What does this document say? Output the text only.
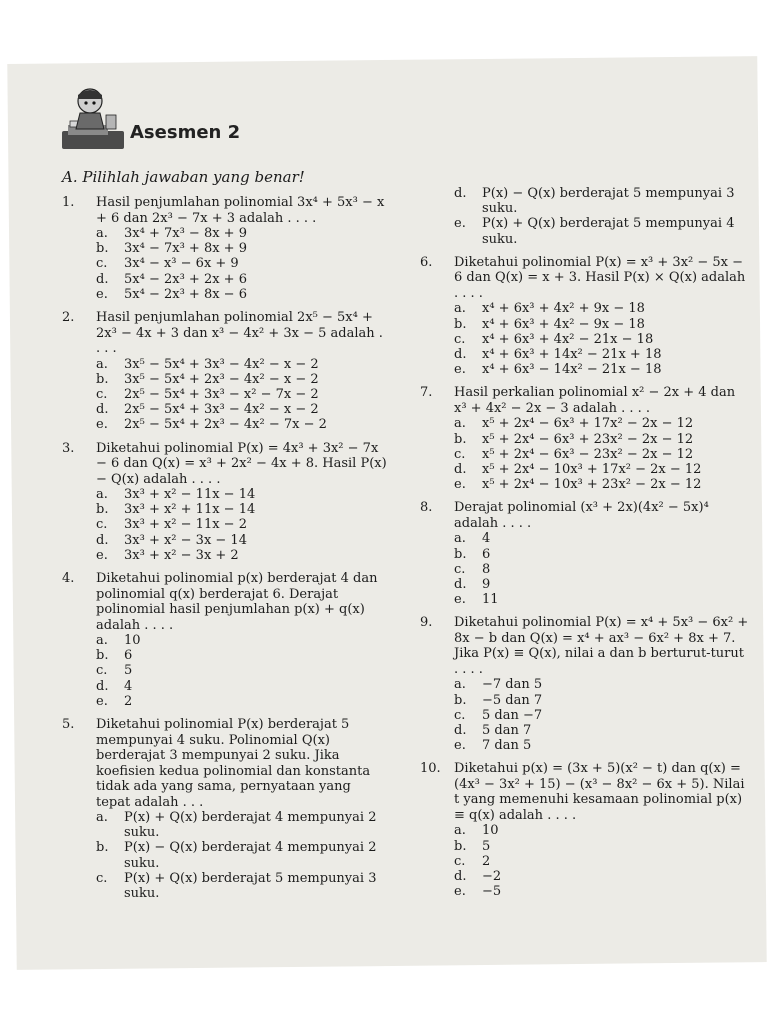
Asesmen 2
A. Pilihlah jawaban yang benar!
1. Hasil penjumlahan polinomial 3x⁴ + 5x³ − x + 6 dan 2x³ − 7x + 3 adalah . . . .
a. 3x⁴ + 7x³ − 8x + 9
b. 3x⁴ − 7x³ + 8x + 9
c. 3x⁴ − x³ − 6x + 9
d. 5x⁴ − 2x³ + 2x + 6
e. 5x⁴ − 2x³ + 8x − 6
2. Hasil penjumlahan polinomial 2x⁵ − 5x⁴ + 2x³ − 4x + 3 dan x³ − 4x² + 3x − 5 adalah . . . .
a. 3x⁵ − 5x⁴ + 3x³ − 4x² − x − 2
b. 3x⁵ − 5x⁴ + 2x³ − 4x² − x − 2
c. 2x⁵ − 5x⁴ + 3x³ − x² − 7x − 2
d. 2x⁵ − 5x⁴ + 3x³ − 4x² − x − 2
e. 2x⁵ − 5x⁴ + 2x³ − 4x² − 7x − 2
3. Diketahui polinomial P(x) = 4x³ + 3x² − 7x − 6 dan Q(x) = x³ + 2x² − 4x + 8. Hasil P(x) − Q(x) adalah . . . .
a. 3x³ + x² − 11x − 14
b. 3x³ + x² + 11x − 14
c. 3x³ + x² − 11x − 2
d. 3x³ + x² − 3x − 14
e. 3x³ + x² − 3x + 2
4. Diketahui polinomial p(x) berderajat 4 dan polinomial q(x) berderajat 6. Derajat polinomial hasil penjumlahan p(x) + q(x) adalah . . . .
a. 10
b. 6
c. 5
d. 4
e. 2
5. Diketahui polinomial P(x) berderajat 5 mempunyai 4 suku. Polinomial Q(x) berderajat 3 mempunyai 2 suku. Jika koefisien kedua polinomial dan konstanta tidak ada yang sama, pernyataan yang tepat adalah . . .
a. P(x) + Q(x) berderajat 4 mempunyai 2 suku.
b. P(x) − Q(x) berderajat 4 mempunyai 2 suku.
c. P(x) + Q(x) berderajat 5 mempunyai 3 suku.
d. P(x) − Q(x) berderajat 5 mempunyai 3 suku.
e. P(x) + Q(x) berderajat 5 mempunyai 4 suku.
6. Diketahui polinomial P(x) = x³ + 3x² − 5x − 6 dan Q(x) = x + 3. Hasil P(x) × Q(x) adalah . . . .
a. x⁴ + 6x³ + 4x² + 9x − 18
b. x⁴ + 6x³ + 4x² − 9x − 18
c. x⁴ + 6x³ + 4x² − 21x − 18
d. x⁴ + 6x³ + 14x² − 21x + 18
e. x⁴ + 6x³ − 14x² − 21x − 18
7. Hasil perkalian polinomial x² − 2x + 4 dan x³ + 4x² − 2x − 3 adalah . . . .
a. x⁵ + 2x⁴ − 6x³ + 17x² − 2x − 12
b. x⁵ + 2x⁴ − 6x³ + 23x² − 2x − 12
c. x⁵ + 2x⁴ − 6x³ − 23x² − 2x − 12
d. x⁵ + 2x⁴ − 10x³ + 17x² − 2x − 12
e. x⁵ + 2x⁴ − 10x³ + 23x² − 2x − 12
8. Derajat polinomial (x³ + 2x)(4x² − 5x)⁴ adalah . . . .
a. 4
b. 6
c. 8
d. 9
e. 11
9. Diketahui polinomial P(x) = x⁴ + 5x³ − 6x² + 8x − b dan Q(x) = x⁴ + ax³ − 6x² + 8x + 7. Jika P(x) ≡ Q(x), nilai a dan b berturut-turut . . . .
a. −7 dan 5
b. −5 dan 7
c. 5 dan −7
d. 5 dan 7
e. 7 dan 5
10. Diketahui p(x) = (3x + 5)(x² − t) dan q(x) = (4x³ − 3x² + 15) − (x³ − 8x² − 6x + 5). Nilai t yang memenuhi kesamaan polinomial p(x) ≡ q(x) adalah . . . .
a. 10
b. 5
c. 2
d. −2
e. −5
